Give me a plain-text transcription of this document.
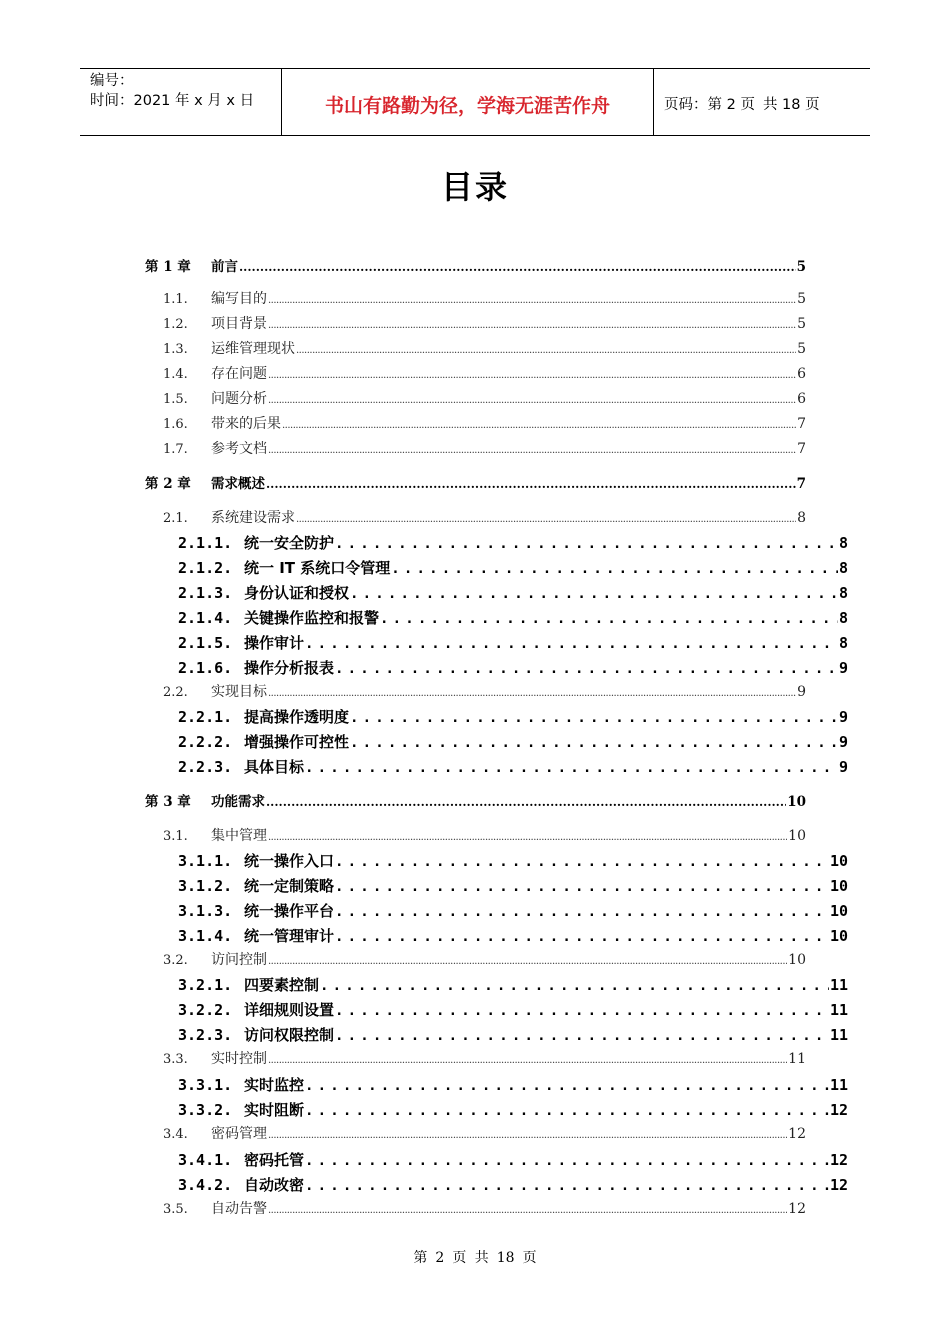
编号：
时间：2021 年 x 月 x 日	书山有路勤为径，学海无涯苦作舟	页码：第 2 页 共 18 页
目录
第 1 章	前言 .....	5
1.1.	编写目的 .....	5
1.2.	项目背景 .....	5
1.3.	运维管理现状 .....	5
1.4.	存在问题 .....	6
1.5.	问题分析 .....	6
1.6.	带来的后果 .....	7
1.7.	参考文档 .....	7
第 2 章	需求概述 .....	7
2.1.	系统建设需求 .....	8
2.1.1. 统一安全防护 .....	8
2.1.2. 统一 IT 系统口令管理 .....	8
2.1.3. 身份认证和授权 .....	8
2.1.4. 关键操作监控和报警 .....	8
2.1.5. 操作审计 .....	8
2.1.6. 操作分析报表 .....	9
2.2.	实现目标 .....	9
2.2.1. 提高操作透明度 .....	9
2.2.2. 增强操作可控性 .....	9
2.2.3. 具体目标 .....	9
第 3 章	功能需求 .....	10
3.1.	集中管理 .....	10
3.1.1. 统一操作入口 .....	10
3.1.2. 统一定制策略 .....	10
3.1.3. 统一操作平台 .....	10
3.1.4. 统一管理审计 .....	10
3.2.	访问控制 .....	10
3.2.1. 四要素控制 .....	11
3.2.2. 详细规则设置 .....	11
3.2.3. 访问权限控制 .....	11
3.3.	实时控制 .....	11
3.3.1. 实时监控 .....	11
3.3.2. 实时阻断 .....	12
3.4.	密码管理 .....	12
3.4.1. 密码托管 .....	12
3.4.2. 自动改密 .....	12
3.5.	自动告警 .....	12
第 2 页 共 18 页
